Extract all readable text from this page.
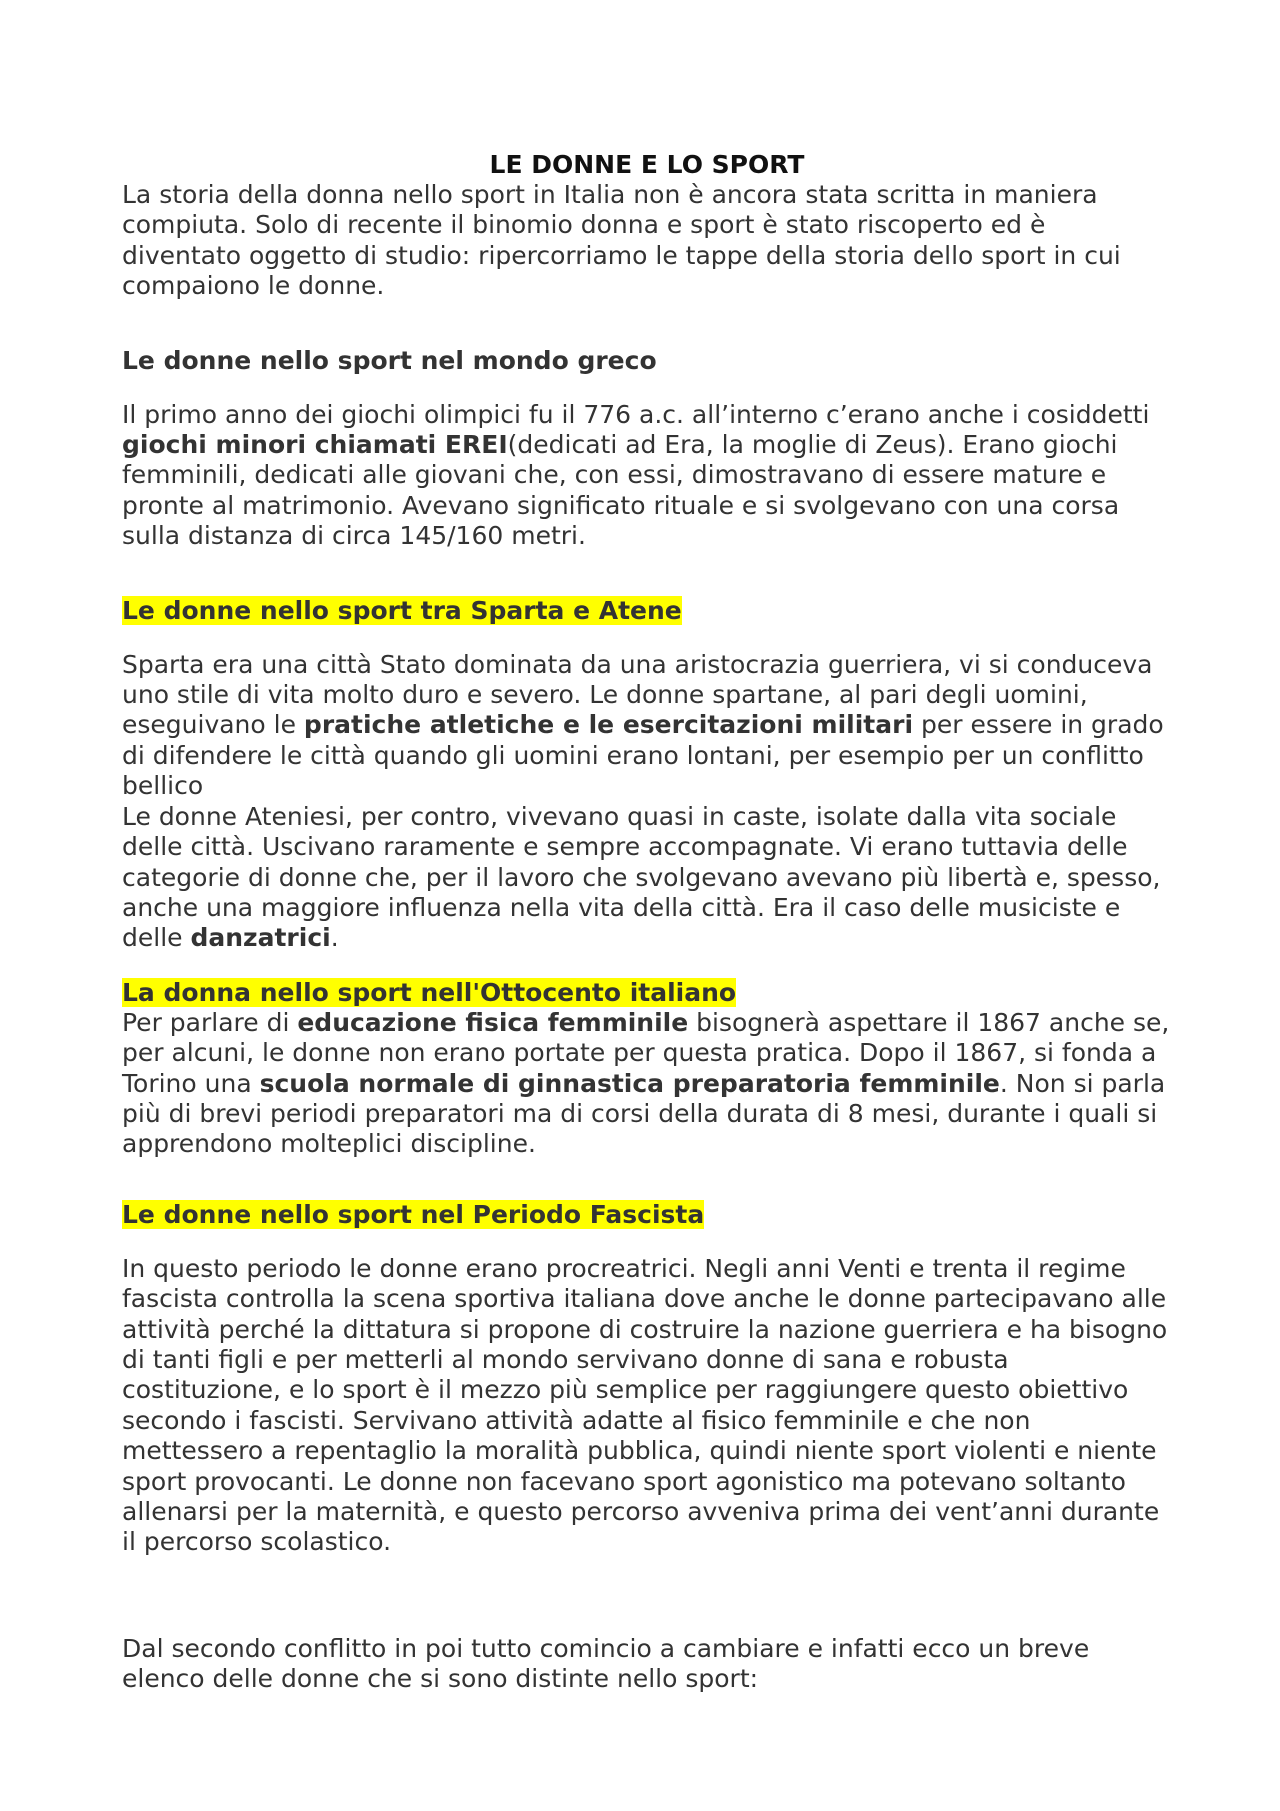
LE DONNE E LO SPORT

La storia della donna nello sport in Italia non è ancora stata scritta in maniera compiuta. Solo di recente il binomio donna e sport è stato riscoperto ed è diventato oggetto di studio: ripercorriamo le tappe della storia dello sport in cui compaiono le donne.

Le donne nello sport nel mondo greco

Il primo anno dei giochi olimpici fu il 776 a.c. all’interno c’erano anche i cosiddetti giochi minori chiamati EREI(dedicati ad Era, la moglie di Zeus). Erano giochi femminili, dedicati alle giovani che, con essi, dimostravano di essere mature e pronte al matrimonio. Avevano significato rituale e si svolgevano con una corsa sulla distanza di circa 145/160 metri.

Le donne nello sport tra Sparta e Atene

Sparta era una città Stato dominata da una aristocrazia guerriera, vi si conduceva uno stile di vita molto duro e severo. Le donne spartane, al pari degli uomini, eseguivano le pratiche atletiche e le esercitazioni militari per essere in grado di difendere le città quando gli uomini erano lontani, per esempio per un conflitto bellico

Le donne Ateniesi, per contro, vivevano quasi in caste, isolate dalla vita sociale delle città. Uscivano raramente e sempre accompagnate. Vi erano tuttavia delle categorie di donne che, per il lavoro che svolgevano avevano più libertà e, spesso, anche una maggiore influenza nella vita della città. Era il caso delle musiciste e delle danzatrici.

La donna nello sport nell'Ottocento italiano

Per parlare di educazione fisica femminile bisognerà aspettare il 1867 anche se, per alcuni, le donne non erano portate per questa pratica. Dopo il 1867, si fonda a Torino una scuola normale di ginnastica preparatoria femminile. Non si parla più di brevi periodi preparatori ma di corsi della durata di 8 mesi, durante i quali si apprendono molteplici discipline.

Le donne nello sport nel Periodo Fascista

In questo periodo le donne erano procreatrici. Negli anni Venti e trenta il regime fascista controlla la scena sportiva italiana dove anche le donne partecipavano alle attività perché la dittatura si propone di costruire la nazione guerriera e ha bisogno di tanti figli e per metterli al mondo servivano donne di sana e robusta costituzione, e lo sport è il mezzo più semplice per raggiungere questo obiettivo secondo i fascisti. Servivano attività adatte al fisico femminile e che non mettessero a repentaglio la moralità pubblica, quindi niente sport violenti e niente sport provocanti. Le donne non facevano sport agonistico ma potevano soltanto allenarsi per la maternità, e questo percorso avveniva prima dei vent’anni durante il percorso scolastico.

Dal secondo conflitto in poi tutto comincio a cambiare e infatti ecco un breve elenco delle donne che si sono distinte nello sport:
